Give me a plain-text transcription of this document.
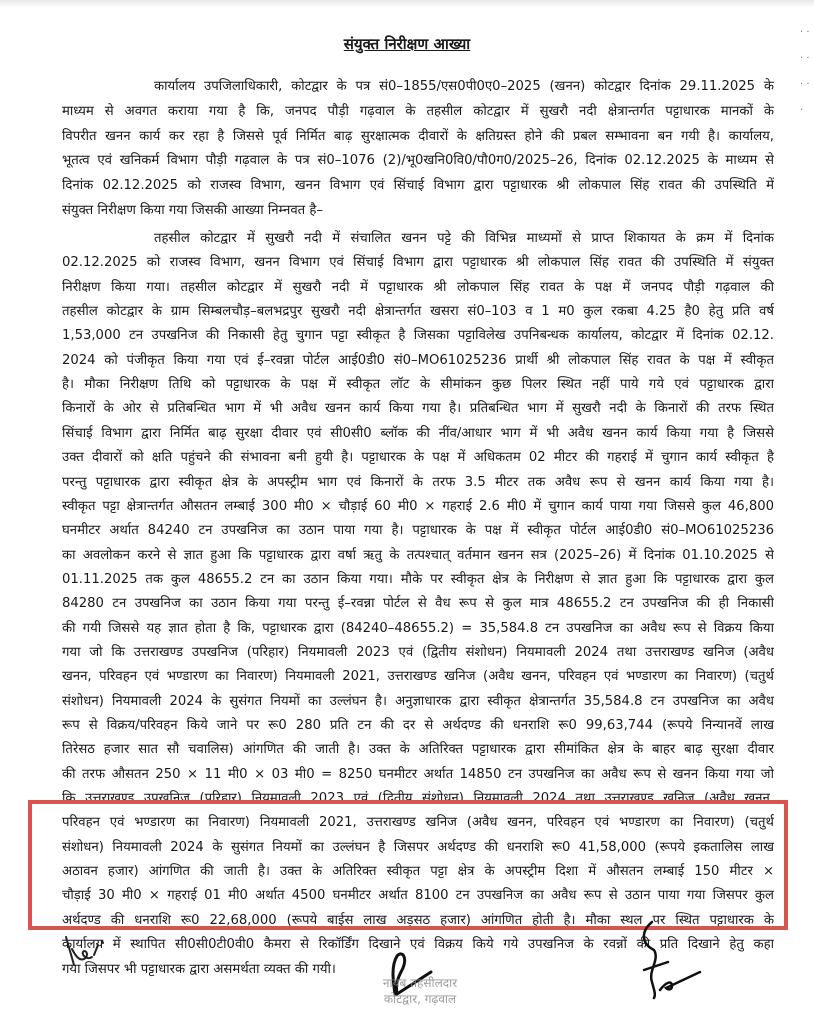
· · · · · · ·
संयुक्त निरीक्षण आख्या
कार्यालय उपजिलाधिकारी, कोटद्वार के पत्र सं0–1855/एस0पी0ए0–2025 (खनन) कोटद्वार दिनांक 29.11.2025 के
माध्यम से अवगत कराया गया है कि, जनपद पौड़ी गढ़वाल के तहसील कोटद्वार में सुखरौ नदी क्षेत्रान्तर्गत पट्टाधारक मानकों के
विपरीत खनन कार्य कर रहा है जिससे पूर्व निर्मित बाढ़ सुरक्षात्मक दीवारों के क्षतिग्रस्त होने की प्रबल सम्भावना बन गयी है। कार्यालय,
भूतत्व एवं खनिकर्म विभाग पौड़ी गढ़वाल के पत्र सं0–1076 (2)/भू0खनि0वि0/पौ0ग0/2025–26, दिनांक 02.12.2025 के माध्यम से
दिनांक 02.12.2025 को राजस्व विभाग, खनन विभाग एवं सिंचाई विभाग द्वारा पट्टाधारक श्री लोकपाल सिंह रावत की उपस्थिति में
संयुक्त निरीक्षण किया गया जिसकी आख्या निम्नवत है–
तहसील कोटद्वार में सुखरौ नदी में संचालित खनन पट्टे की विभिन्न माध्यमों से प्राप्त शिकायत के क्रम में दिनांक
02.12.2025 को राजस्व विभाग, खनन विभाग एवं सिंचाई विभाग द्वारा पट्टाधारक श्री लोकपाल सिंह रावत की उपस्थिति में संयुक्त
निरीक्षण किया गया। तहसील कोटद्वार में सुखरौ नदी में पट्टाधारक श्री लोकपाल सिंह रावत के पक्ष में जनपद पौड़ी गढ़वाल की
तहसील कोटद्वार के ग्राम सिम्बलचौड़–बलभद्रपुर सुखरौ नदी क्षेत्रान्तर्गत खसरा सं0–103 व 1 म0 कुल रकबा 4.25 है0 हेतु प्रति वर्ष
1,53,000 टन उपखनिज की निकासी हेतु चुगान पट्टा स्वीकृत है जिसका पट्टाविलेख उपनिबन्धक कार्यालय, कोटद्वार में दिनांक 02.12.
2024 को पंजीकृत किया गया एवं ई–रवन्ना पोर्टल आई0डी0 सं0–MO61025236 प्रार्थी श्री लोकपाल सिंह रावत के पक्ष में स्वीकृत
है। मौका निरीक्षण तिथि को पट्टाधारक के पक्ष में स्वीकृत लॉट के सीमांकन कुछ पिलर स्थित नहीं पाये गये एवं पट्टाधारक द्वारा
किनारों के ओर से प्रतिबन्धित भाग में भी अवैध खनन कार्य किया गया है। प्रतिबन्धित भाग में सुखरौ नदी के किनारों की तरफ स्थित
सिंचाई विभाग द्वारा निर्मित बाढ़ सुरक्षा दीवार एवं सी0सी0 ब्लॉक की नींव/आधार भाग में भी अवैध खनन कार्य किया गया है जिससे
उक्त दीवारों को क्षति पहुंचने की संभावना बनी हुयी है। पट्टाधारक के पक्ष में अधिकतम 02 मीटर की गहराई में चुगान कार्य स्वीकृत है
परन्तु पट्टाधारक द्वारा स्वीकृत क्षेत्र के अपस्ट्रीम भाग एवं किनारों के तरफ 3.5 मीटर तक अवैध रूप से खनन कार्य किया गया है।
स्वीकृत पट्टा क्षेत्रान्तर्गत औसतन लम्बाई 300 मी0 × चौड़ाई 60 मी0 × गहराई 2.6 मी0 में चुगान कार्य पाया गया जिससे कुल 46,800
घनमीटर अर्थात 84240 टन उपखनिज का उठान पाया गया है। पट्टाधारक के पक्ष में स्वीकृत पोर्टल आई0डी0 सं0–MO61025236
का अवलोकन करने से ज्ञात हुआ कि पट्टाधारक द्वारा वर्षा ऋतु के तत्पश्चात् वर्तमान खनन सत्र (2025–26) में दिनांक 01.10.2025 से
01.11.2025 तक कुल 48655.2 टन का उठान किया गया। मौके पर स्वीकृत क्षेत्र के निरीक्षण से ज्ञात हुआ कि पट्टाधारक द्वारा कुल
84280 टन उपखनिज का उठान किया गया परन्तु ई–रवन्ना पोर्टल से वैध रूप से कुल मात्र 48655.2 टन उपखनिज की ही निकासी
की गयी जिससे यह ज्ञात होता है कि, पट्टाधारक द्वारा (84240–48655.2) = 35,584.8 टन उपखनिज का अवैध रूप से विक्रय किया
गया जो कि उत्तराखण्ड उपखनिज (परिहार) नियमावली 2023 एवं (द्वितीय संशोधन) नियमावली 2024 तथा उत्तराखण्ड खनिज (अवैध
खनन, परिवहन एवं भण्डारण का निवारण) नियमावली 2021, उत्तराखण्ड खनिज (अवैध खनन, परिवहन एवं भण्डारण का निवारण) (चतुर्थ
संशोधन) नियमावली 2024 के सुसंगत नियमों का उल्लंघन है। अनुज्ञाधारक द्वारा स्वीकृत क्षेत्रान्तर्गत 35,584.8 टन उपखनिज का अवैध
रूप से विक्रय/परिवहन किये जाने पर रू0 280 प्रति टन की दर से अर्थदण्ड की धनराशि रू0 99,63,744 (रूपये निन्यानवें लाख
तिरेसठ हजार सात सौ चवालिस) आंगणित की जाती है। उक्त के अतिरिक्त पट्टाधारक द्वारा सीमांकित क्षेत्र के बाहर बाढ़ सुरक्षा दीवार
की तरफ औसतन 250 × 11 मी0 × 03 मी0 = 8250 घनमीटर अर्थात 14850 टन उपखनिज का अवैध रूप से खनन किया गया जो
कि उत्तराखण्ड उपखनिज (परिहार) नियमावली 2023 एवं (द्वितीय संशोधन) नियमावली 2024 तथा उत्तराखण्ड खनिज (अवैध खनन,
परिवहन एवं भण्डारण का निवारण) नियमावली 2021, उत्तराखण्ड खनिज (अवैध खनन, परिवहन एवं भण्डारण का निवारण) (चतुर्थ
संशोधन) नियमावली 2024 के सुसंगत नियमों का उल्लंघन है जिसपर अर्थदण्ड की धनराशि रू0 41,58,000 (रूपये इकतालिस लाख
अठावन हजार) आंगणित की जाती है। उक्त के अतिरिक्त स्वीकृत पट्टा क्षेत्र के अपस्ट्रीम दिशा में औसतन लम्बाई 150 मीटर ×
चौड़ाई 30 मी0 × गहराई 01 मी0 अर्थात 4500 घनमीटर अर्थात 8100 टन उपखनिज का अवैध रूप से उठान पाया गया जिसपर कुल
अर्थदण्ड की धनराशि रू0 22,68,000 (रूपये बाईस लाख अड़सठ हजार) आंगणित होती है। मौका स्थल पर स्थित पट्टाधारक के
कार्यालय में स्थापित सी0सी0टी0वी0 कैमरा से रिकॉर्डिंग दिखाने एवं विक्रय किये गये उपखनिज के रवन्नों की प्रति दिखाने हेतु कहा
गया जिसपर भी पट्टाधारक द्वारा असमर्थता व्यक्त की गयी।
नायब तहसीलदार
कोटद्वार, गढ़वाल
